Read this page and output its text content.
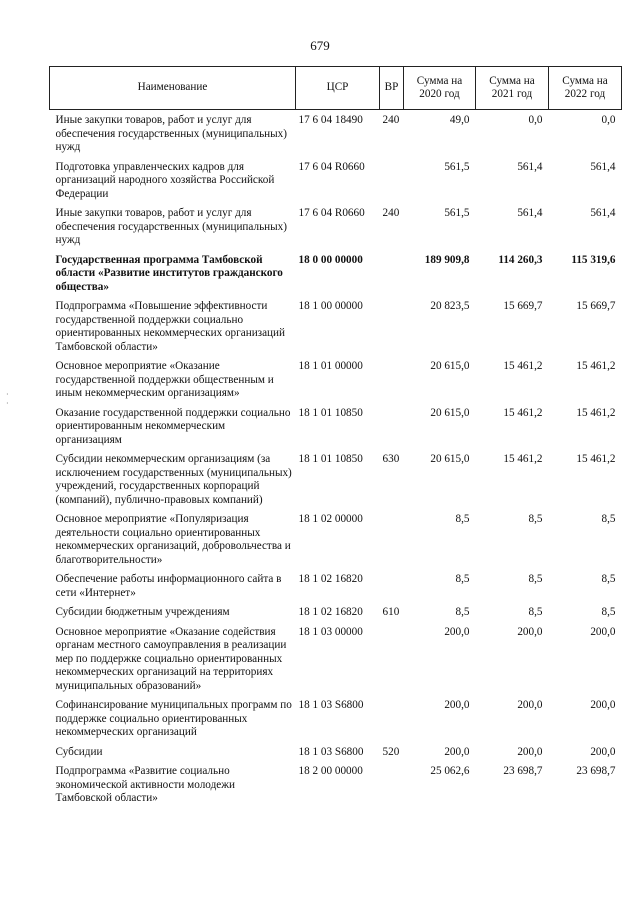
679
Наименование	ЦСР	ВР	Сумма на 2020 год	Сумма на 2021 год	Сумма на 2022 год
Иные закупки товаров, работ и услуг для обеспечения государственных (муниципальных) нужд	17 6 04 18490	240	49,0	0,0	0,0
Подготовка управленческих кадров для организаций народного хозяйства Российской Федерации	17 6 04 R0660		561,5	561,4	561,4
Иные закупки товаров, работ и услуг для обеспечения государственных (муниципальных) нужд	17 6 04 R0660	240	561,5	561,4	561,4
Государственная программа Тамбовской области «Развитие институтов гражданского общества»	18 0 00 00000		189 909,8	114 260,3	115 319,6
Подпрограмма «Повышение эффективности государственной поддержки социально ориентированных некоммерческих организаций Тамбовской области»	18 1 00 00000		20 823,5	15 669,7	15 669,7
Основное мероприятие «Оказание государственной поддержки общественным и иным некоммерческим организациям»	18 1 01 00000		20 615,0	15 461,2	15 461,2
Оказание государственной поддержки социально ориентированным некоммерческим организациям	18 1 01 10850		20 615,0	15 461,2	15 461,2
Субсидии некоммерческим организациям (за исключением государственных (муниципальных) учреждений, государственных корпораций (компаний), публично-правовых компаний)	18 1 01 10850	630	20 615,0	15 461,2	15 461,2
Основное мероприятие «Популяризация деятельности социально ориентированных некоммерческих организаций, добровольчества и благотворительности»	18 1 02 00000		8,5	8,5	8,5
Обеспечение работы информационного сайта в сети «Интернет»	18 1 02 16820		8,5	8,5	8,5
Субсидии бюджетным учреждениям	18 1 02 16820	610	8,5	8,5	8,5
Основное мероприятие «Оказание содействия органам местного самоуправления в реализации мер по поддержке социально ориентированных некоммерческих организаций на территориях муниципальных образований»	18 1 03 00000		200,0	200,0	200,0
Софинансирование муниципальных программ по поддержке социально ориентированных некоммерческих организаций	18 1 03 S6800		200,0	200,0	200,0
Субсидии	18 1 03 S6800	520	200,0	200,0	200,0
Подпрограмма «Развитие социально экономической активности молодежи Тамбовской области»	18 2 00 00000		25 062,6	23 698,7	23 698,7
·
·
